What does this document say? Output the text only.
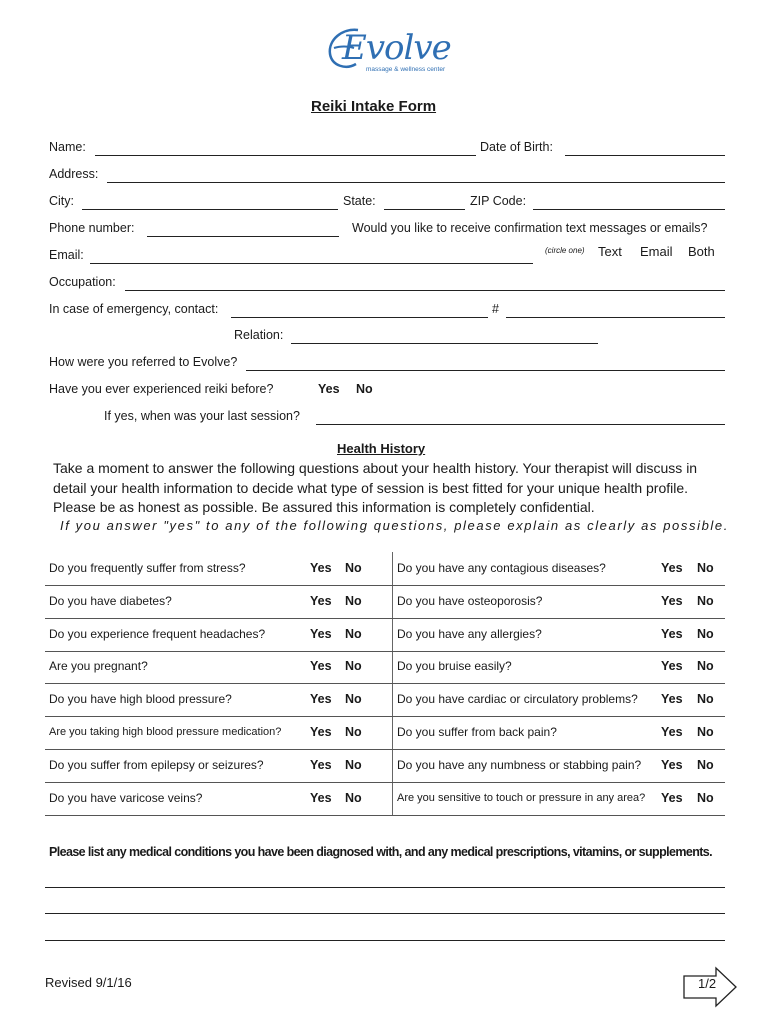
Evolve
massage & wellness center
Reiki Intake Form
Name:	Date of Birth:
Address:
City:	State:	ZIP Code:
Phone number:	Would you like to receive confirmation text messages or emails?
(circle one) Text Email Both
Email:
Occupation:
In case of emergency, contact:	#
Relation:
How were you referred to Evolve?
Have you ever experienced reiki before?	Yes No
If yes, when was your last session?
Health History
Take a moment to answer the following questions about your health history. Your therapist will discuss in detail your health information to decide what type of session is best fitted for your unique health profile. Please be as honest as possible. Be assured this information is completely confidential.
If you answer "yes" to any of the following questions, please explain as clearly as possible.
Do you frequently suffer from stress?	Yes No	Do you have any contagious diseases?	Yes No
Do you have diabetes?	Yes No	Do you have osteoporosis?	Yes No
Do you experience frequent headaches?	Yes No	Do you have any allergies?	Yes No
Are you pregnant?	Yes No	Do you bruise easily?	Yes No
Do you have high blood pressure?	Yes No	Do you have cardiac or circulatory problems? Yes No
Are you taking high blood pressure medication? Yes No	Do you suffer from back pain?	Yes No
Do you suffer from epilepsy or seizures?	Yes No	Do you have any numbness or stabbing pain? Yes No
Do you have varicose veins?	Yes No	Are you sensitive to touch or pressure in any area? Yes No
Please list any medical conditions you have been diagnosed with, and any medical prescriptions, vitamins, or supplements.
Revised 9/1/16	1/2
